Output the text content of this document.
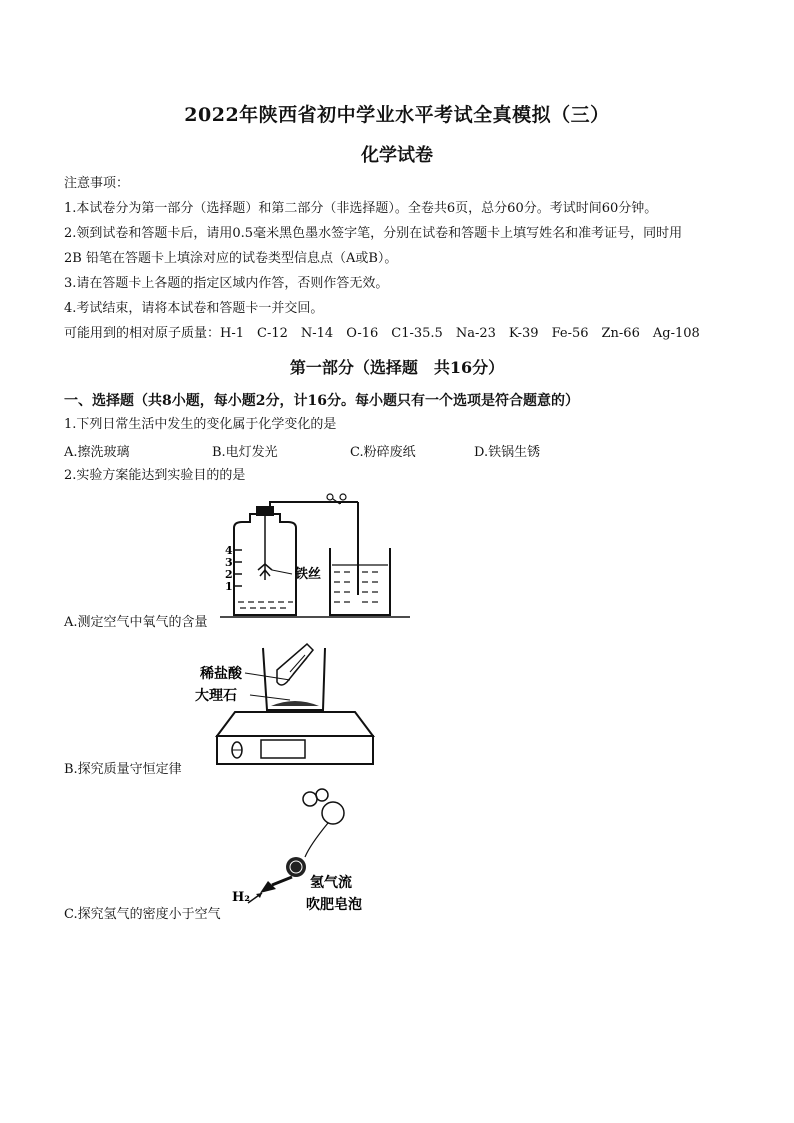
2022年陕西省初中学业水平考试全真模拟（三）
化学试卷
注意事项：
1.本试卷分为第一部分（选择题）和第二部分（非选择题）。全卷共6页，总分60分。考试时间60分钟。
2.领到试卷和答题卡后，请用0.5毫米黑色墨水签字笔，分别在试卷和答题卡上填写姓名和准考证号，同时用
2B 铅笔在答题卡上填涂对应的试卷类型信息点（A或B）。
3.请在答题卡上各题的指定区域内作答，否则作答无效。
4.考试结束，请将本试卷和答题卡一并交回。
可能用到的相对原子质量：H-1　C-12　N-14　O-16　C1-35.5　Na-23　K-39　Fe-56　Zn-66　Ag-108
第一部分（选择题　共16分）
一、选择题（共8小题，每小题2分，计16分。每小题只有一个选项是符合题意的）
1.下列日常生活中发生的变化属于化学变化的是
A.擦洗玻璃	B.电灯发光	C.粉碎废纸	D.铁锅生锈
2.实验方案能达到实验目的的是
4
3
2
1
铁丝
A.测定空气中氧气的含量
稀盐酸
大理石
B.探究质量守恒定律
H₂
氢气流
吹肥皂泡
C.探究氢气的密度小于空气
